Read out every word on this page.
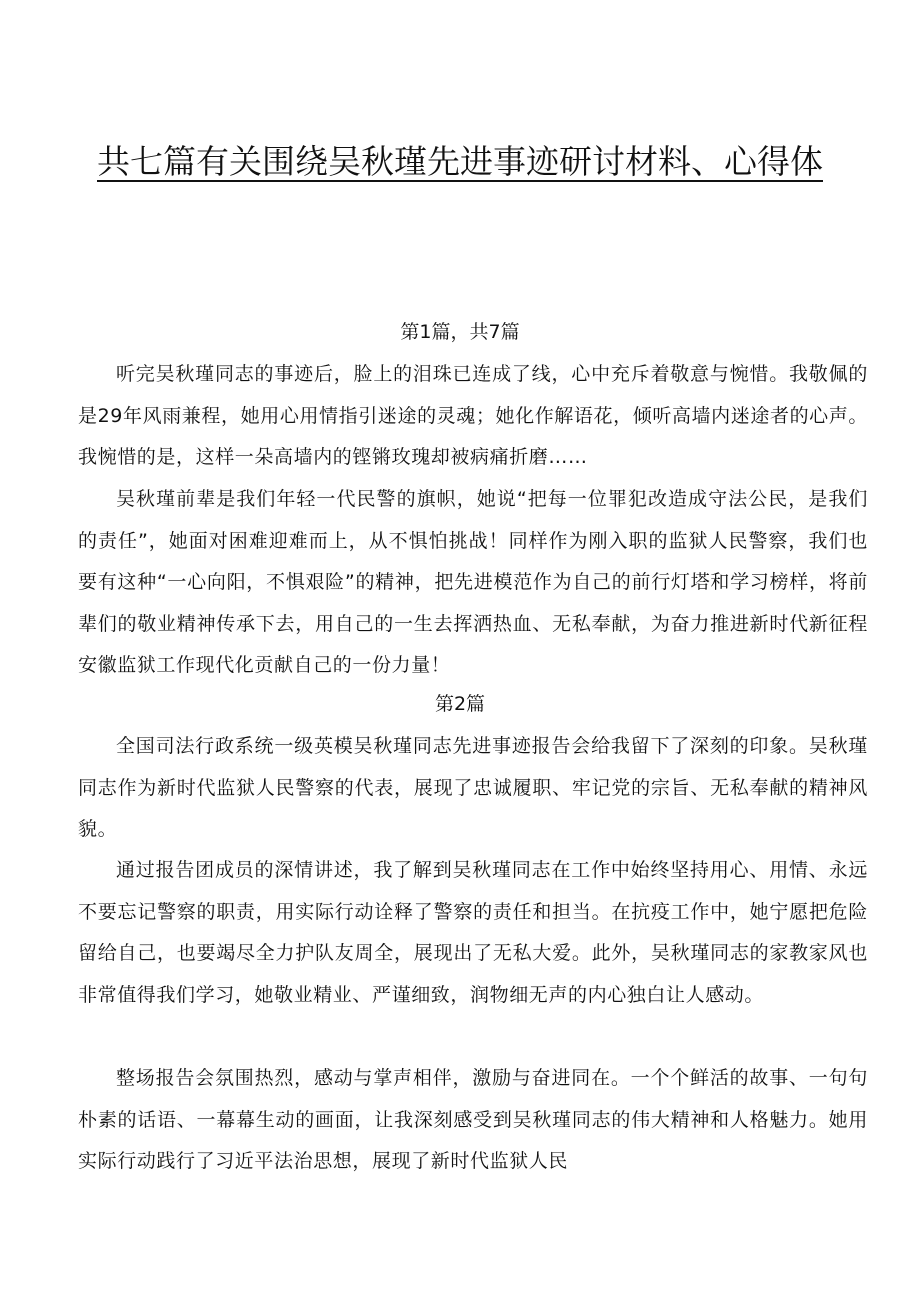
共七篇有关围绕吴秋瑾先进事迹研讨材料、心得体
第1篇，共7篇

听完吴秋瑾同志的事迹后，脸上的泪珠已连成了线，心中充斥着敬意与惋惜。我敬佩的是29年风雨兼程，她用心用情指引迷途的灵魂；她化作解语花，倾听高墙内迷途者的心声。我惋惜的是，这样一朵高墙内的铿锵玫瑰却被病痛折磨……

吴秋瑾前辈是我们年轻一代民警的旗帜，她说“把每一位罪犯改造成守法公民，是我们的责任”，她面对困难迎难而上，从不惧怕挑战！同样作为刚入职的监狱人民警察，我们也要有这种“一心向阳，不惧艰险”的精神，把先进模范作为自己的前行灯塔和学习榜样，将前辈们的敬业精神传承下去，用自己的一生去挥洒热血、无私奉献，为奋力推进新时代新征程安徽监狱工作现代化贡献自己的一份力量！

第2篇

全国司法行政系统一级英模吴秋瑾同志先进事迹报告会给我留下了深刻的印象。吴秋瑾同志作为新时代监狱人民警察的代表，展现了忠诚履职、牢记党的宗旨、无私奉献的精神风貌。

通过报告团成员的深情讲述，我了解到吴秋瑾同志在工作中始终坚持用心、用情、永远不要忘记警察的职责，用实际行动诠释了警察的责任和担当。在抗疫工作中，她宁愿把危险留给自己，也要竭尽全力护队友周全，展现出了无私大爱。此外，吴秋瑾同志的家教家风也非常值得我们学习，她敬业精业、严谨细致，润物细无声的内心独白让人感动。

整场报告会氛围热烈，感动与掌声相伴，激励与奋进同在。一个个鲜活的故事、一句句朴素的话语、一幕幕生动的画面，让我深刻感受到吴秋瑾同志的伟大精神和人格魅力。她用实际行动践行了习近平法治思想，展现了新时代监狱人民
